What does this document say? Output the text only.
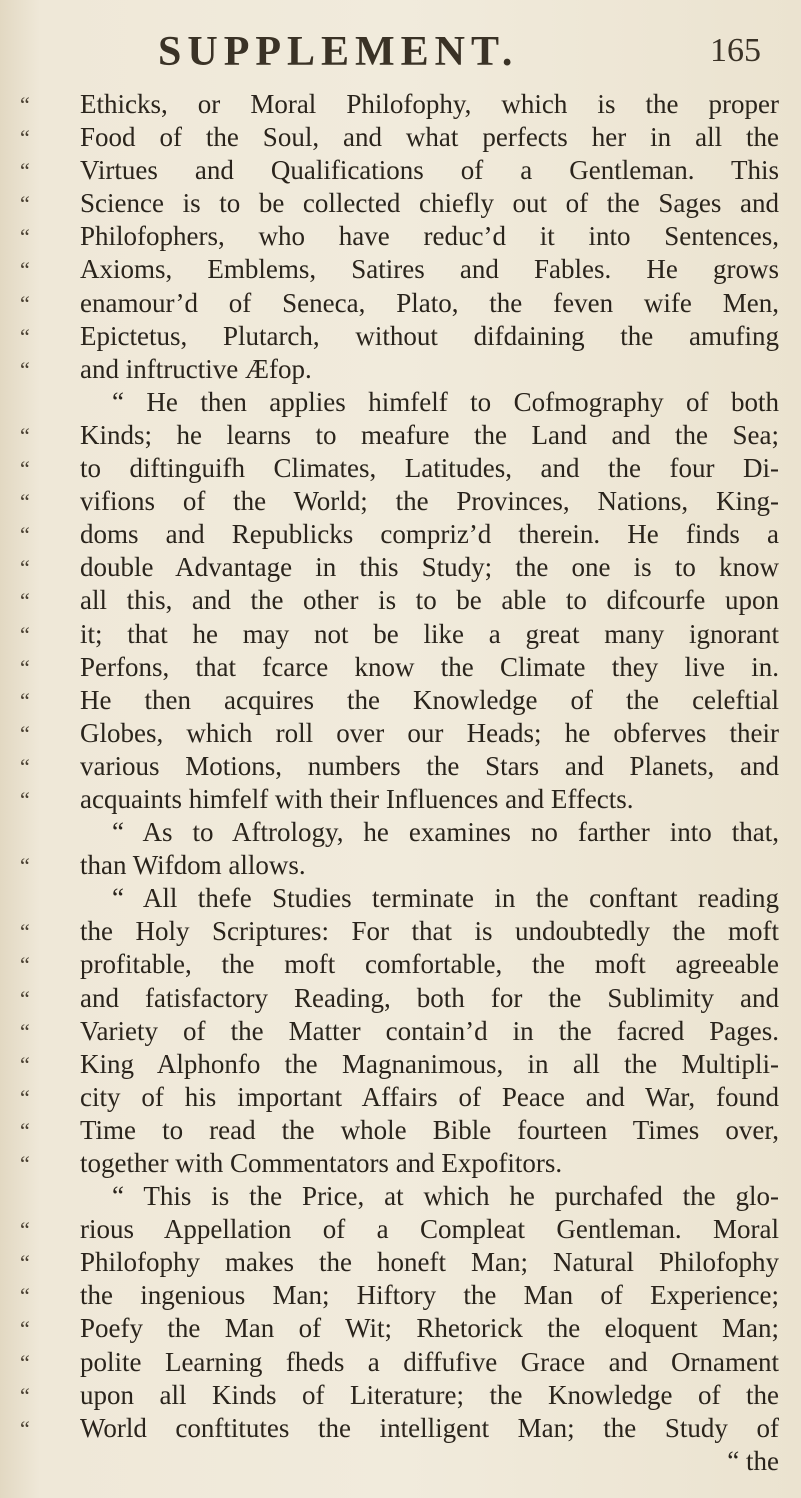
SUPPLEMENT.	165
“	Ethicks, or Moral Philofophy, which is the proper
“	Food of the Soul, and what perfects her in all the
“	Virtues and Qualifications of a Gentleman. This
“	Science is to be collected chiefly out of the Sages and
“	Philofophers, who have reduc’d it into Sentences,
“	Axioms, Emblems, Satires and Fables. He grows
“	enamour’d of Seneca, Plato, the feven wife Men,
“	Epictetus, Plutarch, without difdaining the amufing
“	and inftructive Æfop.
“ He then applies himfelf to Cofmography of both
“	Kinds; he learns to meafure the Land and the Sea;
“	to diftinguifh Climates, Latitudes, and the four Di-
“	vifions of the World; the Provinces, Nations, King-
“	doms and Republicks compriz’d therein. He finds a
“	double Advantage in this Study; the one is to know
“	all this, and the other is to be able to difcourfe upon
“	it; that he may not be like a great many ignorant
“	Perfons, that fcarce know the Climate they live in.
“	He then acquires the Knowledge of the celeftial
“	Globes, which roll over our Heads; he obferves their
“	various Motions, numbers the Stars and Planets, and
“	acquaints himfelf with their Influences and Effects.
“ As to Aftrology, he examines no farther into that,
“	than Wifdom allows.
“ All thefe Studies terminate in the conftant reading
“	the Holy Scriptures: For that is undoubtedly the moft
“	profitable, the moft comfortable, the moft agreeable
“	and fatisfactory Reading, both for the Sublimity and
“	Variety of the Matter contain’d in the facred Pages.
“	King Alphonfo the Magnanimous, in all the Multipli-
“	city of his important Affairs of Peace and War, found
“	Time to read the whole Bible fourteen Times over,
“	together with Commentators and Expofitors.
“ This is the Price, at which he purchafed the glo-
“	rious Appellation of a Compleat Gentleman. Moral
“	Philofophy makes the honeft Man; Natural Philofophy
“	the ingenious Man; Hiftory the Man of Experience;
“	Poefy the Man of Wit; Rhetorick the eloquent Man;
“	polite Learning fheds a diffufive Grace and Ornament
“	upon all Kinds of Literature; the Knowledge of the
“	World conftitutes the intelligent Man; the Study of
“ the
